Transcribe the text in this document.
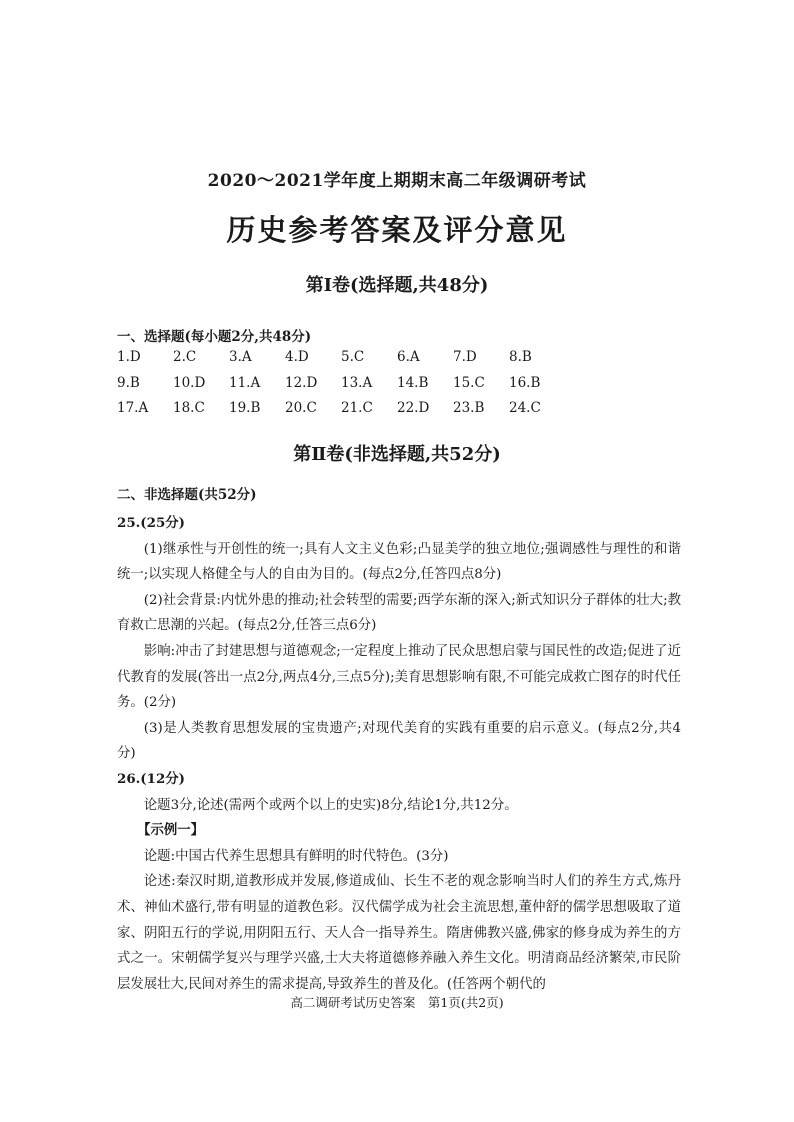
2020～2021学年度上期期末高二年级调研考试
历史参考答案及评分意见
第Ⅰ卷(选择题,共48分)
一、选择题(每小题2分,共48分)
1.D	2.C	3.A	4.D	5.C	6.A	7.D	8.B
9.B	10.D	11.A	12.D	13.A	14.B	15.C	16.B
17.A	18.C	19.B	20.C	21.C	22.D	23.B	24.C
第Ⅱ卷(非选择题,共52分)
二、非选择题(共52分)

25.(25分)

(1)继承性与开创性的统一;具有人文主义色彩;凸显美学的独立地位;强调感性与理性的和谐统一;以实现人格健全与人的自由为目的。(每点2分,任答四点8分)

(2)社会背景:内忧外患的推动;社会转型的需要;西学东渐的深入;新式知识分子群体的壮大;教育救亡思潮的兴起。(每点2分,任答三点6分)

影响:冲击了封建思想与道德观念;一定程度上推动了民众思想启蒙与国民性的改造;促进了近代教育的发展(答出一点2分,两点4分,三点5分);美育思想影响有限,不可能完成救亡图存的时代任务。(2分)

(3)是人类教育思想发展的宝贵遗产;对现代美育的实践有重要的启示意义。(每点2分,共4分)

26.(12分)

论题3分,论述(需两个或两个以上的史实)8分,结论1分,共12分。

【示例一】

论题:中国古代养生思想具有鲜明的时代特色。(3分)

论述:秦汉时期,道教形成并发展,修道成仙、长生不老的观念影响当时人们的养生方式,炼丹术、神仙术盛行,带有明显的道教色彩。汉代儒学成为社会主流思想,董仲舒的儒学思想吸取了道家、阴阳五行的学说,用阴阳五行、天人合一指导养生。隋唐佛教兴盛,佛家的修身成为养生的方式之一。宋朝儒学复兴与理学兴盛,士大夫将道德修养融入养生文化。明清商品经济繁荣,市民阶层发展壮大,民间对养生的需求提高,导致养生的普及化。(任答两个朝代的

高二调研考试历史答案　第1页(共2页)
